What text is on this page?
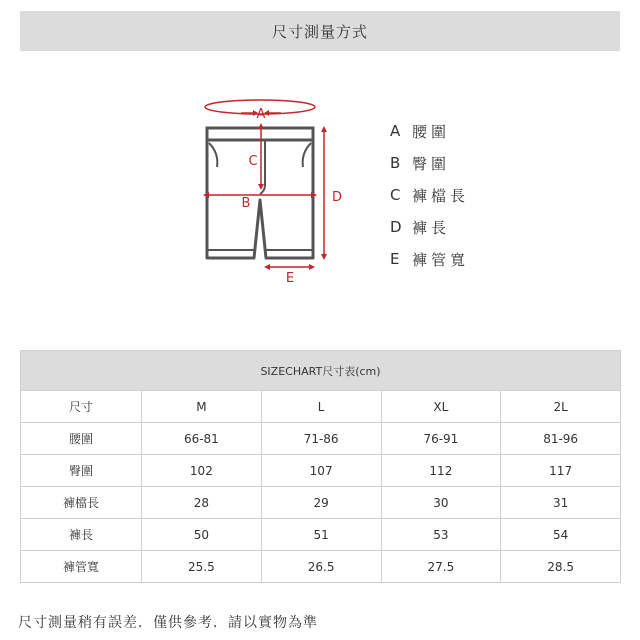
尺寸測量方式
A
C
B	D
E
A 腰圍
B 臀圍
C 褲檔長
D 褲長
E 褲管寬
SIZECHART尺寸表(cm)				
尺寸	M	L	XL	2L
腰圍	66-81	71-86	76-91	81-96
臀圍	102	107	112	117
褲檔長	28	29	30	31
褲長	50	51	53	54
褲管寬	25.5	26.5	27.5	28.5
尺寸測量稍有誤差．僅供參考．請以實物為準
